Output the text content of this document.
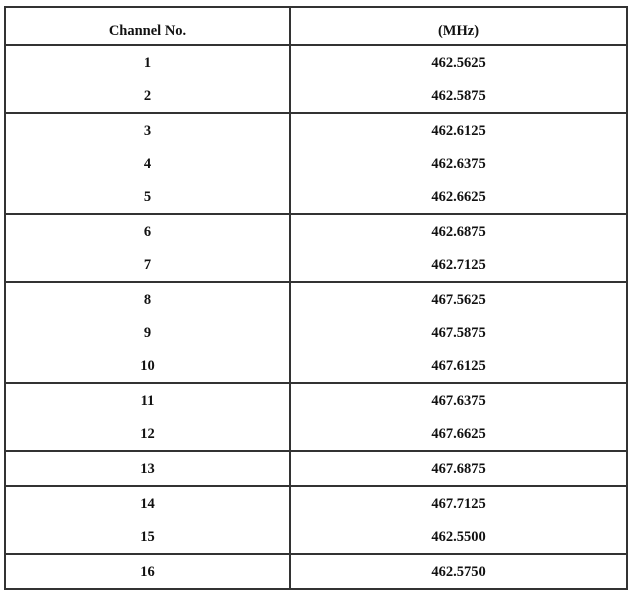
Channel No.	(MHz)
1	462.5625
2	462.5875
3	462.6125
4	462.6375
5	462.6625
6	462.6875
7	462.7125
8	467.5625
9	467.5875
10	467.6125
11	467.6375
12	467.6625
13	467.6875
14	467.7125
15	462.5500
16	462.5750
